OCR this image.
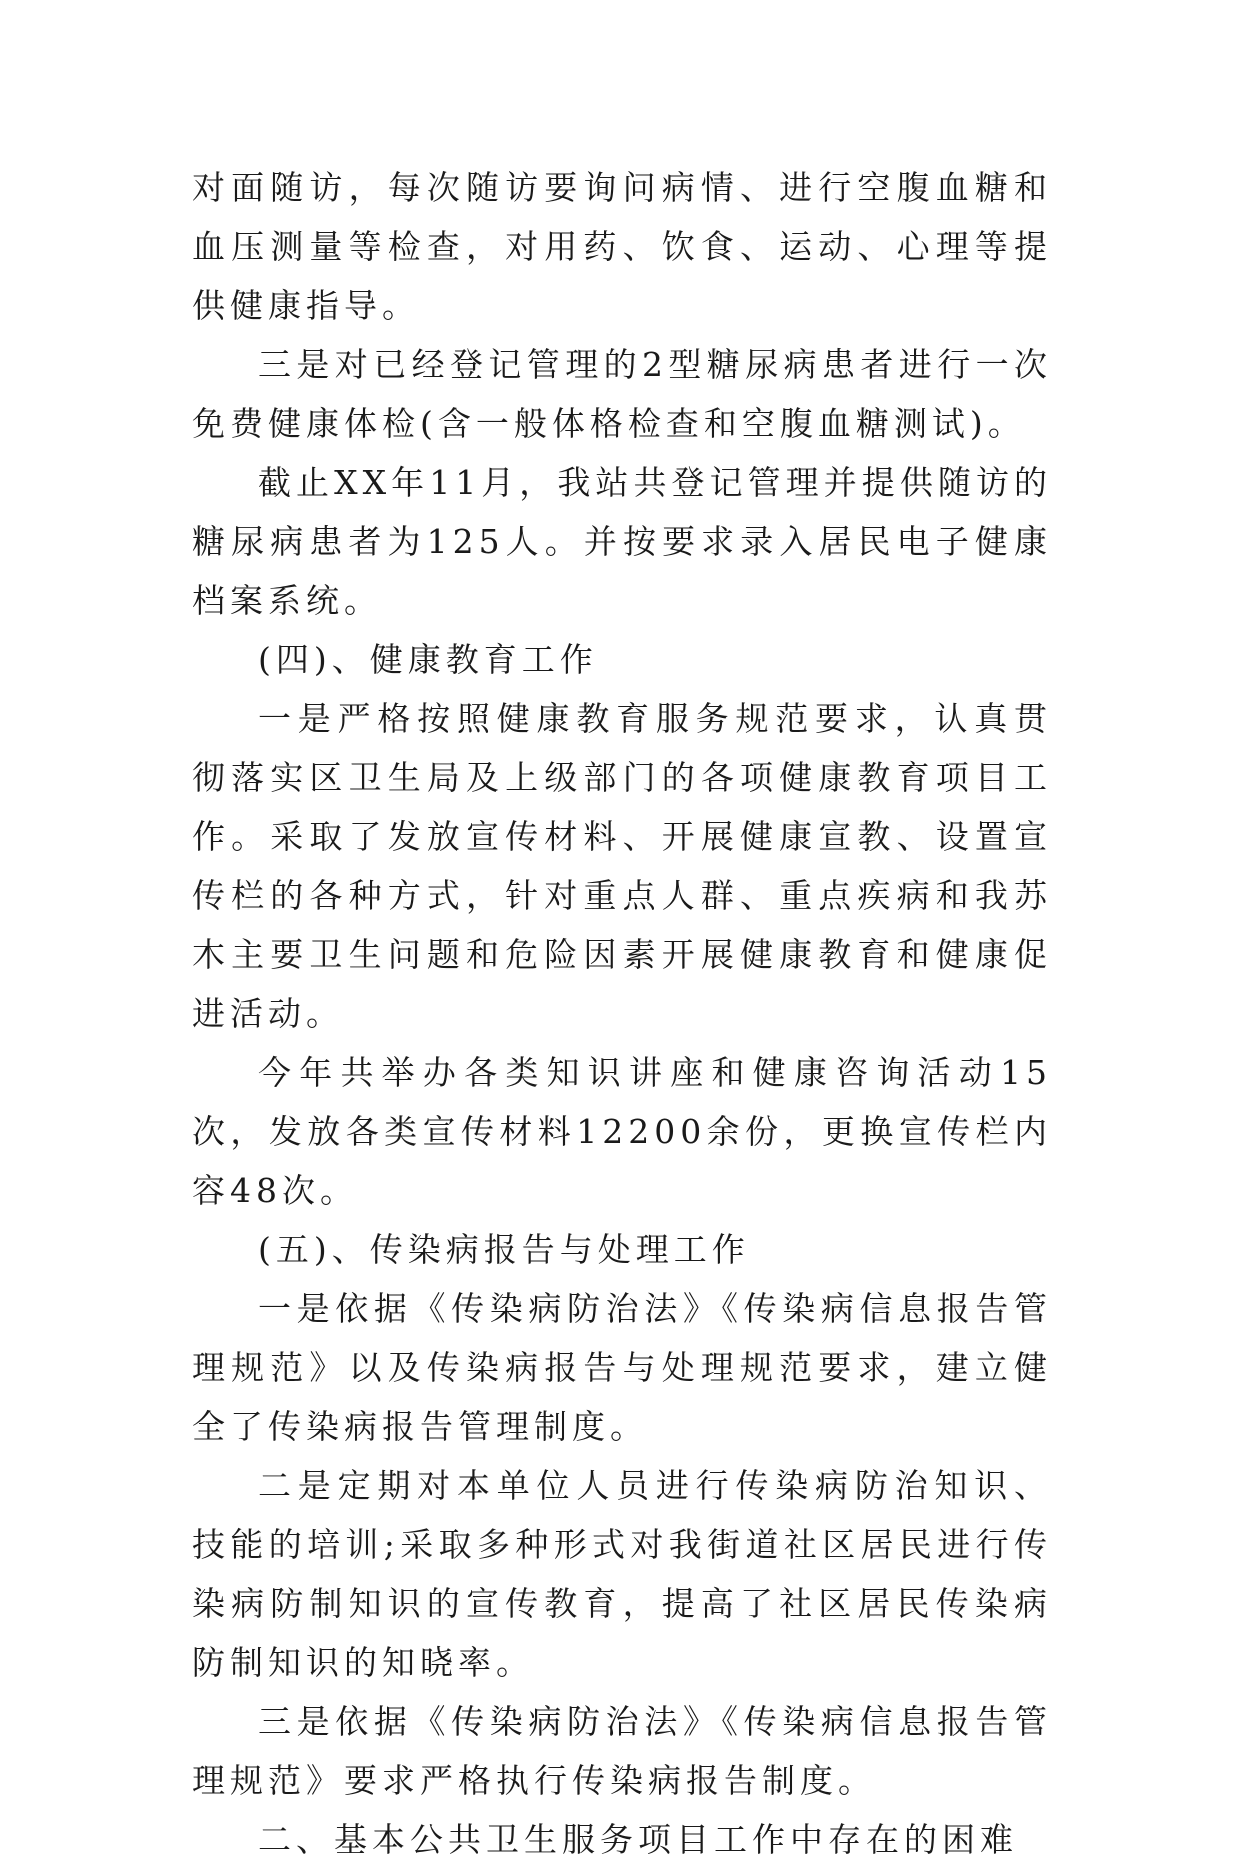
对面随访，每次随访要询问病情、进行空腹血糖和血压测量等检查，对用药、饮食、运动、心理等提供健康指导。

三是对已经登记管理的2型糖尿病患者进行一次免费健康体检(含一般体格检查和空腹血糖测试)。

截止XX年11月，我站共登记管理并提供随访的糖尿病患者为125人。并按要求录入居民电子健康档案系统。

(四)、健康教育工作

一是严格按照健康教育服务规范要求，认真贯彻落实区卫生局及上级部门的各项健康教育项目工作。采取了发放宣传材料、开展健康宣教、设置宣传栏的各种方式，针对重点人群、重点疾病和我苏木主要卫生问题和危险因素开展健康教育和健康促进活动。

今年共举办各类知识讲座和健康咨询活动15次，发放各类宣传材料12200余份，更换宣传栏内容48次。

(五)、传染病报告与处理工作

一是依据《传染病防治法》《传染病信息报告管理规范》以及传染病报告与处理规范要求，建立健全了传染病报告管理制度。

二是定期对本单位人员进行传染病防治知识、技能的培训;采取多种形式对我街道社区居民进行传染病防制知识的宣传教育，提高了社区居民传染病防制知识的知晓率。

三是依据《传染病防治法》《传染病信息报告管理规范》要求严格执行传染病报告制度。

二、基本公共卫生服务项目工作中存在的困难
